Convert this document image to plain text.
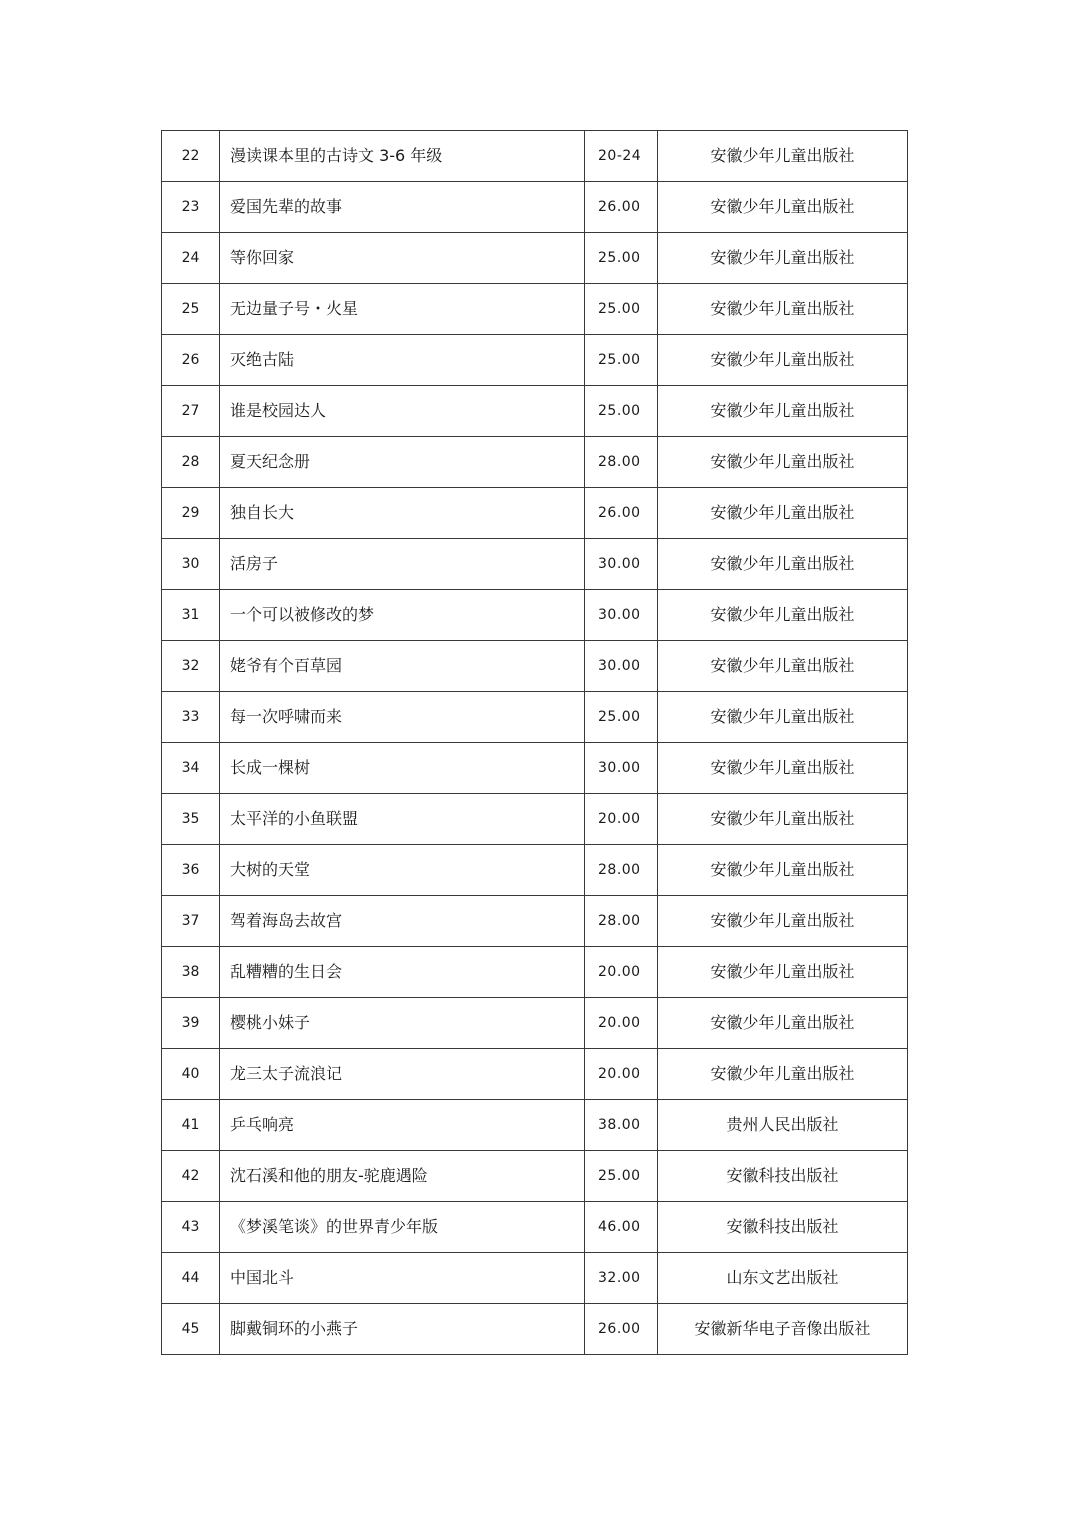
22	漫读课本里的古诗文 3-6 年级	20-24	安徽少年儿童出版社
23	爱国先辈的故事	26.00	安徽少年儿童出版社
24	等你回家	25.00	安徽少年儿童出版社
25	无边量子号・火星	25.00	安徽少年儿童出版社
26	灭绝古陆	25.00	安徽少年儿童出版社
27	谁是校园达人	25.00	安徽少年儿童出版社
28	夏天纪念册	28.00	安徽少年儿童出版社
29	独自长大	26.00	安徽少年儿童出版社
30	活房子	30.00	安徽少年儿童出版社
31	一个可以被修改的梦	30.00	安徽少年儿童出版社
32	姥爷有个百草园	30.00	安徽少年儿童出版社
33	每一次呼啸而来	25.00	安徽少年儿童出版社
34	长成一棵树	30.00	安徽少年儿童出版社
35	太平洋的小鱼联盟	20.00	安徽少年儿童出版社
36	大树的天堂	28.00	安徽少年儿童出版社
37	驾着海岛去故宫	28.00	安徽少年儿童出版社
38	乱糟糟的生日会	20.00	安徽少年儿童出版社
39	樱桃小妹子	20.00	安徽少年儿童出版社
40	龙三太子流浪记	20.00	安徽少年儿童出版社
41	乒乓响亮	38.00	贵州人民出版社
42	沈石溪和他的朋友-驼鹿遇险	25.00	安徽科技出版社
43	《梦溪笔谈》的世界青少年版	46.00	安徽科技出版社
44	中国北斗	32.00	山东文艺出版社
45	脚戴铜环的小燕子	26.00	安徽新华电子音像出版社
